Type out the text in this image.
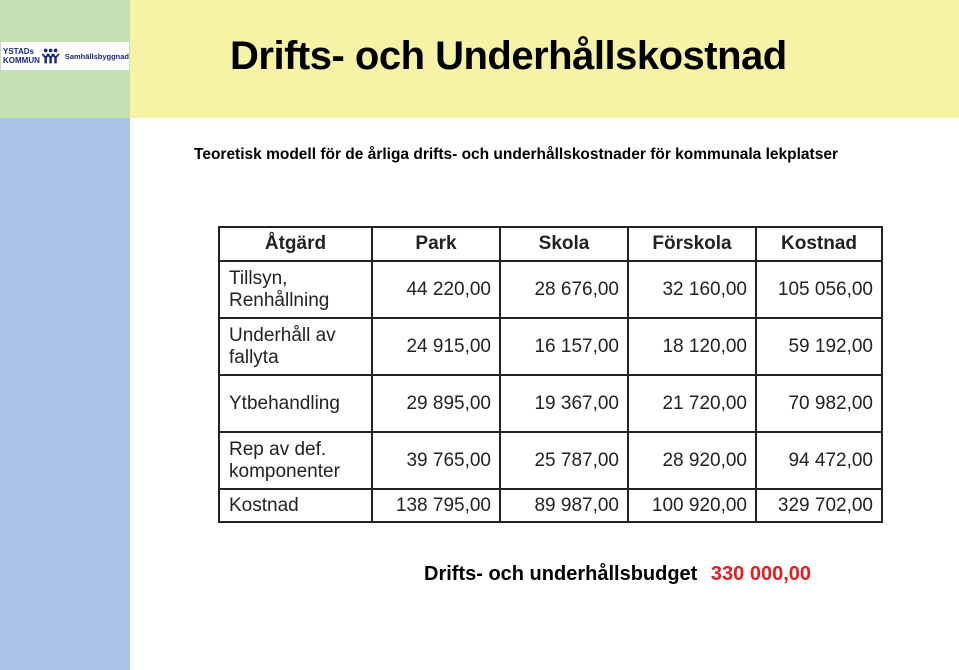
YSTADs
KOMMUN	Samhällsbyggnad	Drifts- och Underhållskostnad
Teoretisk modell för de årliga drifts- och underhållskostnader för kommunala lekplatser
Åtgärd	Park	Skola	Förskola	Kostnad

Tillsyn,
Renhållning	44 220,00	28 676,00	32 160,00	105 056,00

Underhåll av
fallyta	24 915,00	16 157,00	18 120,00	59 192,00

Ytbehandling	29 895,00	19 367,00	21 720,00	70 982,00

Rep av def.
komponenter	39 765,00	25 787,00	28 920,00	94 472,00
Kostnad	138 795,00	89 987,00	100 920,00	329 702,00
Drifts- och underhållsbudget 330 000,00
